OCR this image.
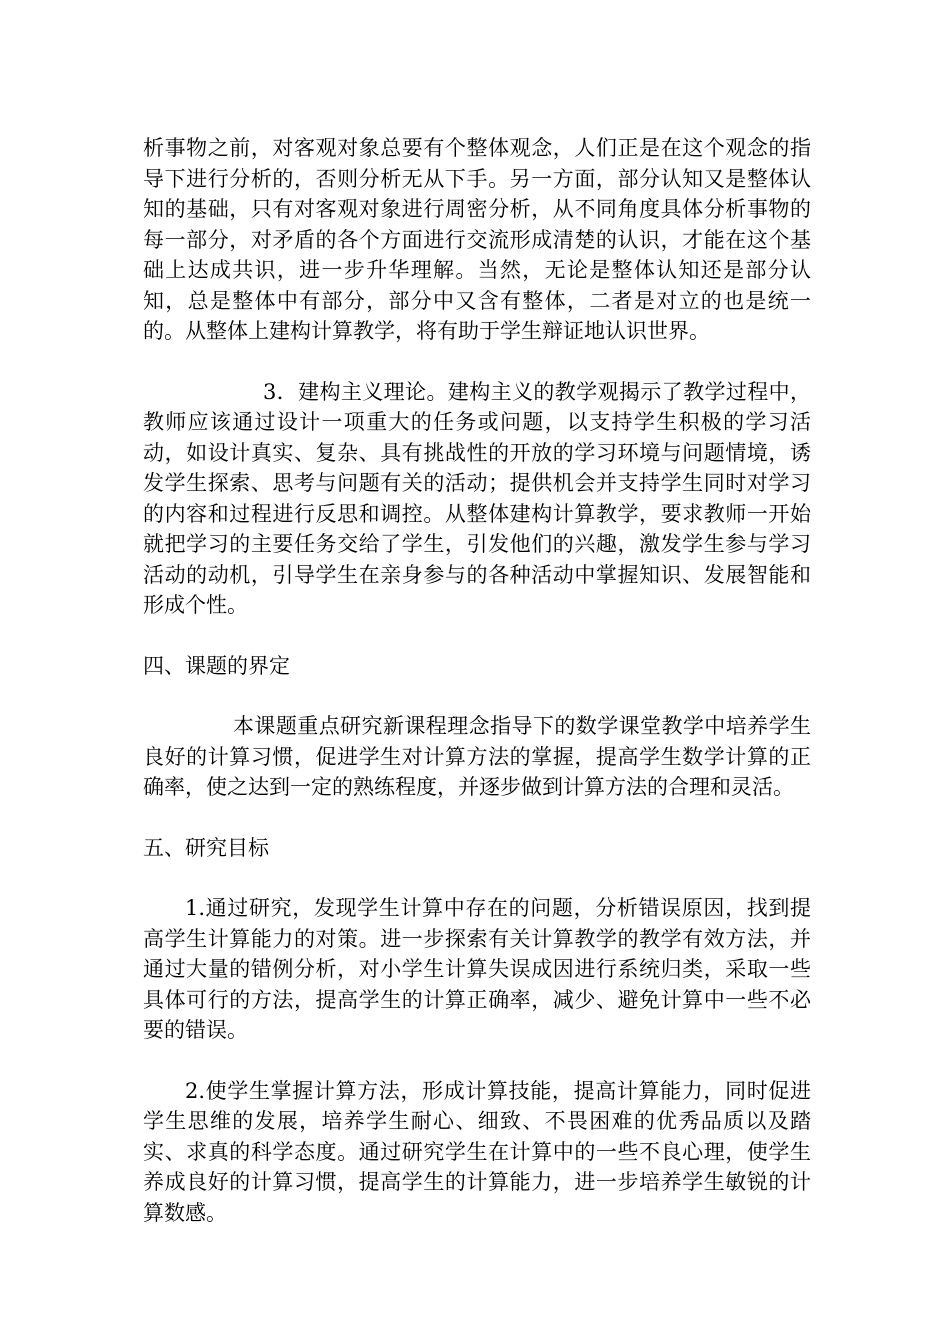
析事物之前，对客观对象总要有个整体观念，人们正是在这个观念的指导下进行分析的，否则分析无从下手。另一方面，部分认知又是整体认知的基础，只有对客观对象进行周密分析，从不同角度具体分析事物的每一部分，对矛盾的各个方面进行交流形成清楚的认识，才能在这个基础上达成共识，进一步升华理解。当然，无论是整体认知还是部分认知，总是整体中有部分，部分中又含有整体，二者是对立的也是统一的。从整体上建构计算教学，将有助于学生辩证地认识世界。

3．建构主义理论。建构主义的教学观揭示了教学过程中，教师应该通过设计一项重大的任务或问题，以支持学生积极的学习活动，如设计真实、复杂、具有挑战性的开放的学习环境与问题情境，诱发学生探索、思考与问题有关的活动；提供机会并支持学生同时对学习的内容和过程进行反思和调控。从整体建构计算教学，要求教师一开始就把学习的主要任务交给了学生，引发他们的兴趣，激发学生参与学习活动的动机，引导学生在亲身参与的各种活动中掌握知识、发展智能和形成个性。

四、课题的界定

本课题重点研究新课程理念指导下的数学课堂教学中培养学生良好的计算习惯，促进学生对计算方法的掌握，提高学生数学计算的正确率，使之达到一定的熟练程度，并逐步做到计算方法的合理和灵活。

五、研究目标

1.通过研究，发现学生计算中存在的问题，分析错误原因，找到提高学生计算能力的对策。进一步探索有关计算教学的教学有效方法，并通过大量的错例分析，对小学生计算失误成因进行系统归类，采取一些具体可行的方法，提高学生的计算正确率，减少、避免计算中一些不必要的错误。

2.使学生掌握计算方法，形成计算技能，提高计算能力，同时促进学生思维的发展，培养学生耐心、细致、不畏困难的优秀品质以及踏实、求真的科学态度。通过研究学生在计算中的一些不良心理，使学生养成良好的计算习惯，提高学生的计算能力，进一步培养学生敏锐的计算数感。
